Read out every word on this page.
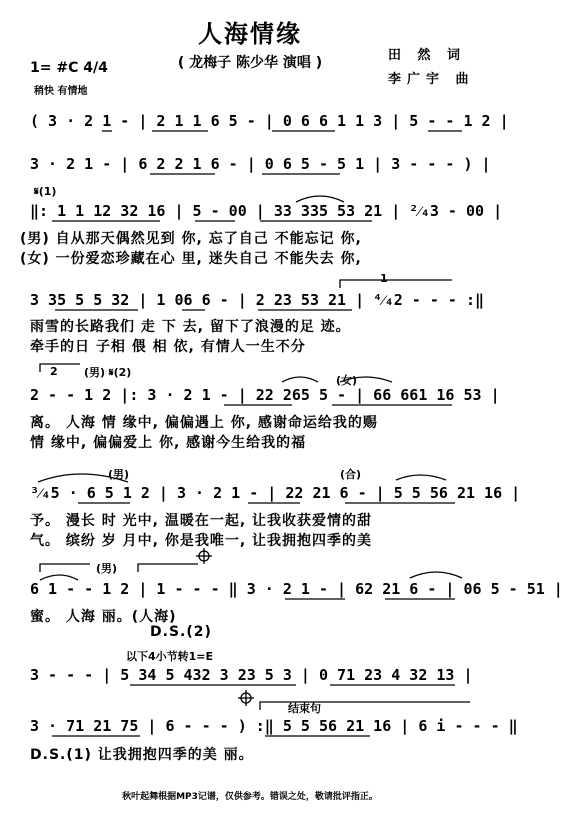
人海情缘
( 龙梅子 陈少华 演唱 )	田 然 词
李广宇 曲
1= #C 4/4
稍快 有情地
( 3 · 2 1 - | 2 1 1 6 5 - | 0 6 6 1 1 3 | 5 - - 1 2 |
3 · 2 1 - | 6 2 2 1 6 - | 0 6 5 - 5 1 | 3 - - - ) |
𝄋(1)
‖: 1 1 12 32 16 | 5 - 00 | 33 335 53 21 | ²⁄₄3 - 00 |
(男) 自从那天偶然见到 你, 忘了自己 不能忘记 你,
(女) 一份爱恋珍藏在心 里, 迷失自己 不能失去 你,
1
3 35 5 5 32 | 1 06 6 - | 2 23 53 21 | ⁴⁄₄2 - - - :‖
雨雪的长路我们 走 下 去, 留下了浪漫的足 迹。
牵手的日 子相 偎 相 依, 有情人一生不分
2 (男) 𝄋(2)
(女)
2 - - 1 2 |: 3 · 2 1 - | 22 265 5 - | 66 661 16 53 |
离。 人海 情 缘中, 偏偏遇上 你, 感谢命运给我的赐
情 缘中, 偏偏爱上 你, 感谢今生给我的福
(男)	(合)
³⁄₄5 · 6 5 1 2 | 3 · 2 1 - | 22 21 6 - | 5 5 56 21 16 |
予。 漫长 时 光中, 温暖在一起, 让我收获爱情的甜
气。 缤纷 岁 月中, 你是我唯一, 让我拥抱四季的美
(男)
6 1 - - 1 2 | 1 - - - ‖ 3 · 2 1 - | 62 21 6 - | 06 5 - 51 |
蜜。 人海 丽。(人海)
D.S.(2)
以下4小节转1=E
3 - - - | 5 34 5 432 3 23 5 3 | 0 71 23 4 32 13 |
结束句
3 · 71 21 75 | 6 - - - ) :‖ 5 5 56 21 16 | 6 i - - - ‖
D.S.(1) 让我拥抱四季的美 丽。
秋叶起舞根据MP3记谱，仅供参考。错误之处，敬请批评指正。
